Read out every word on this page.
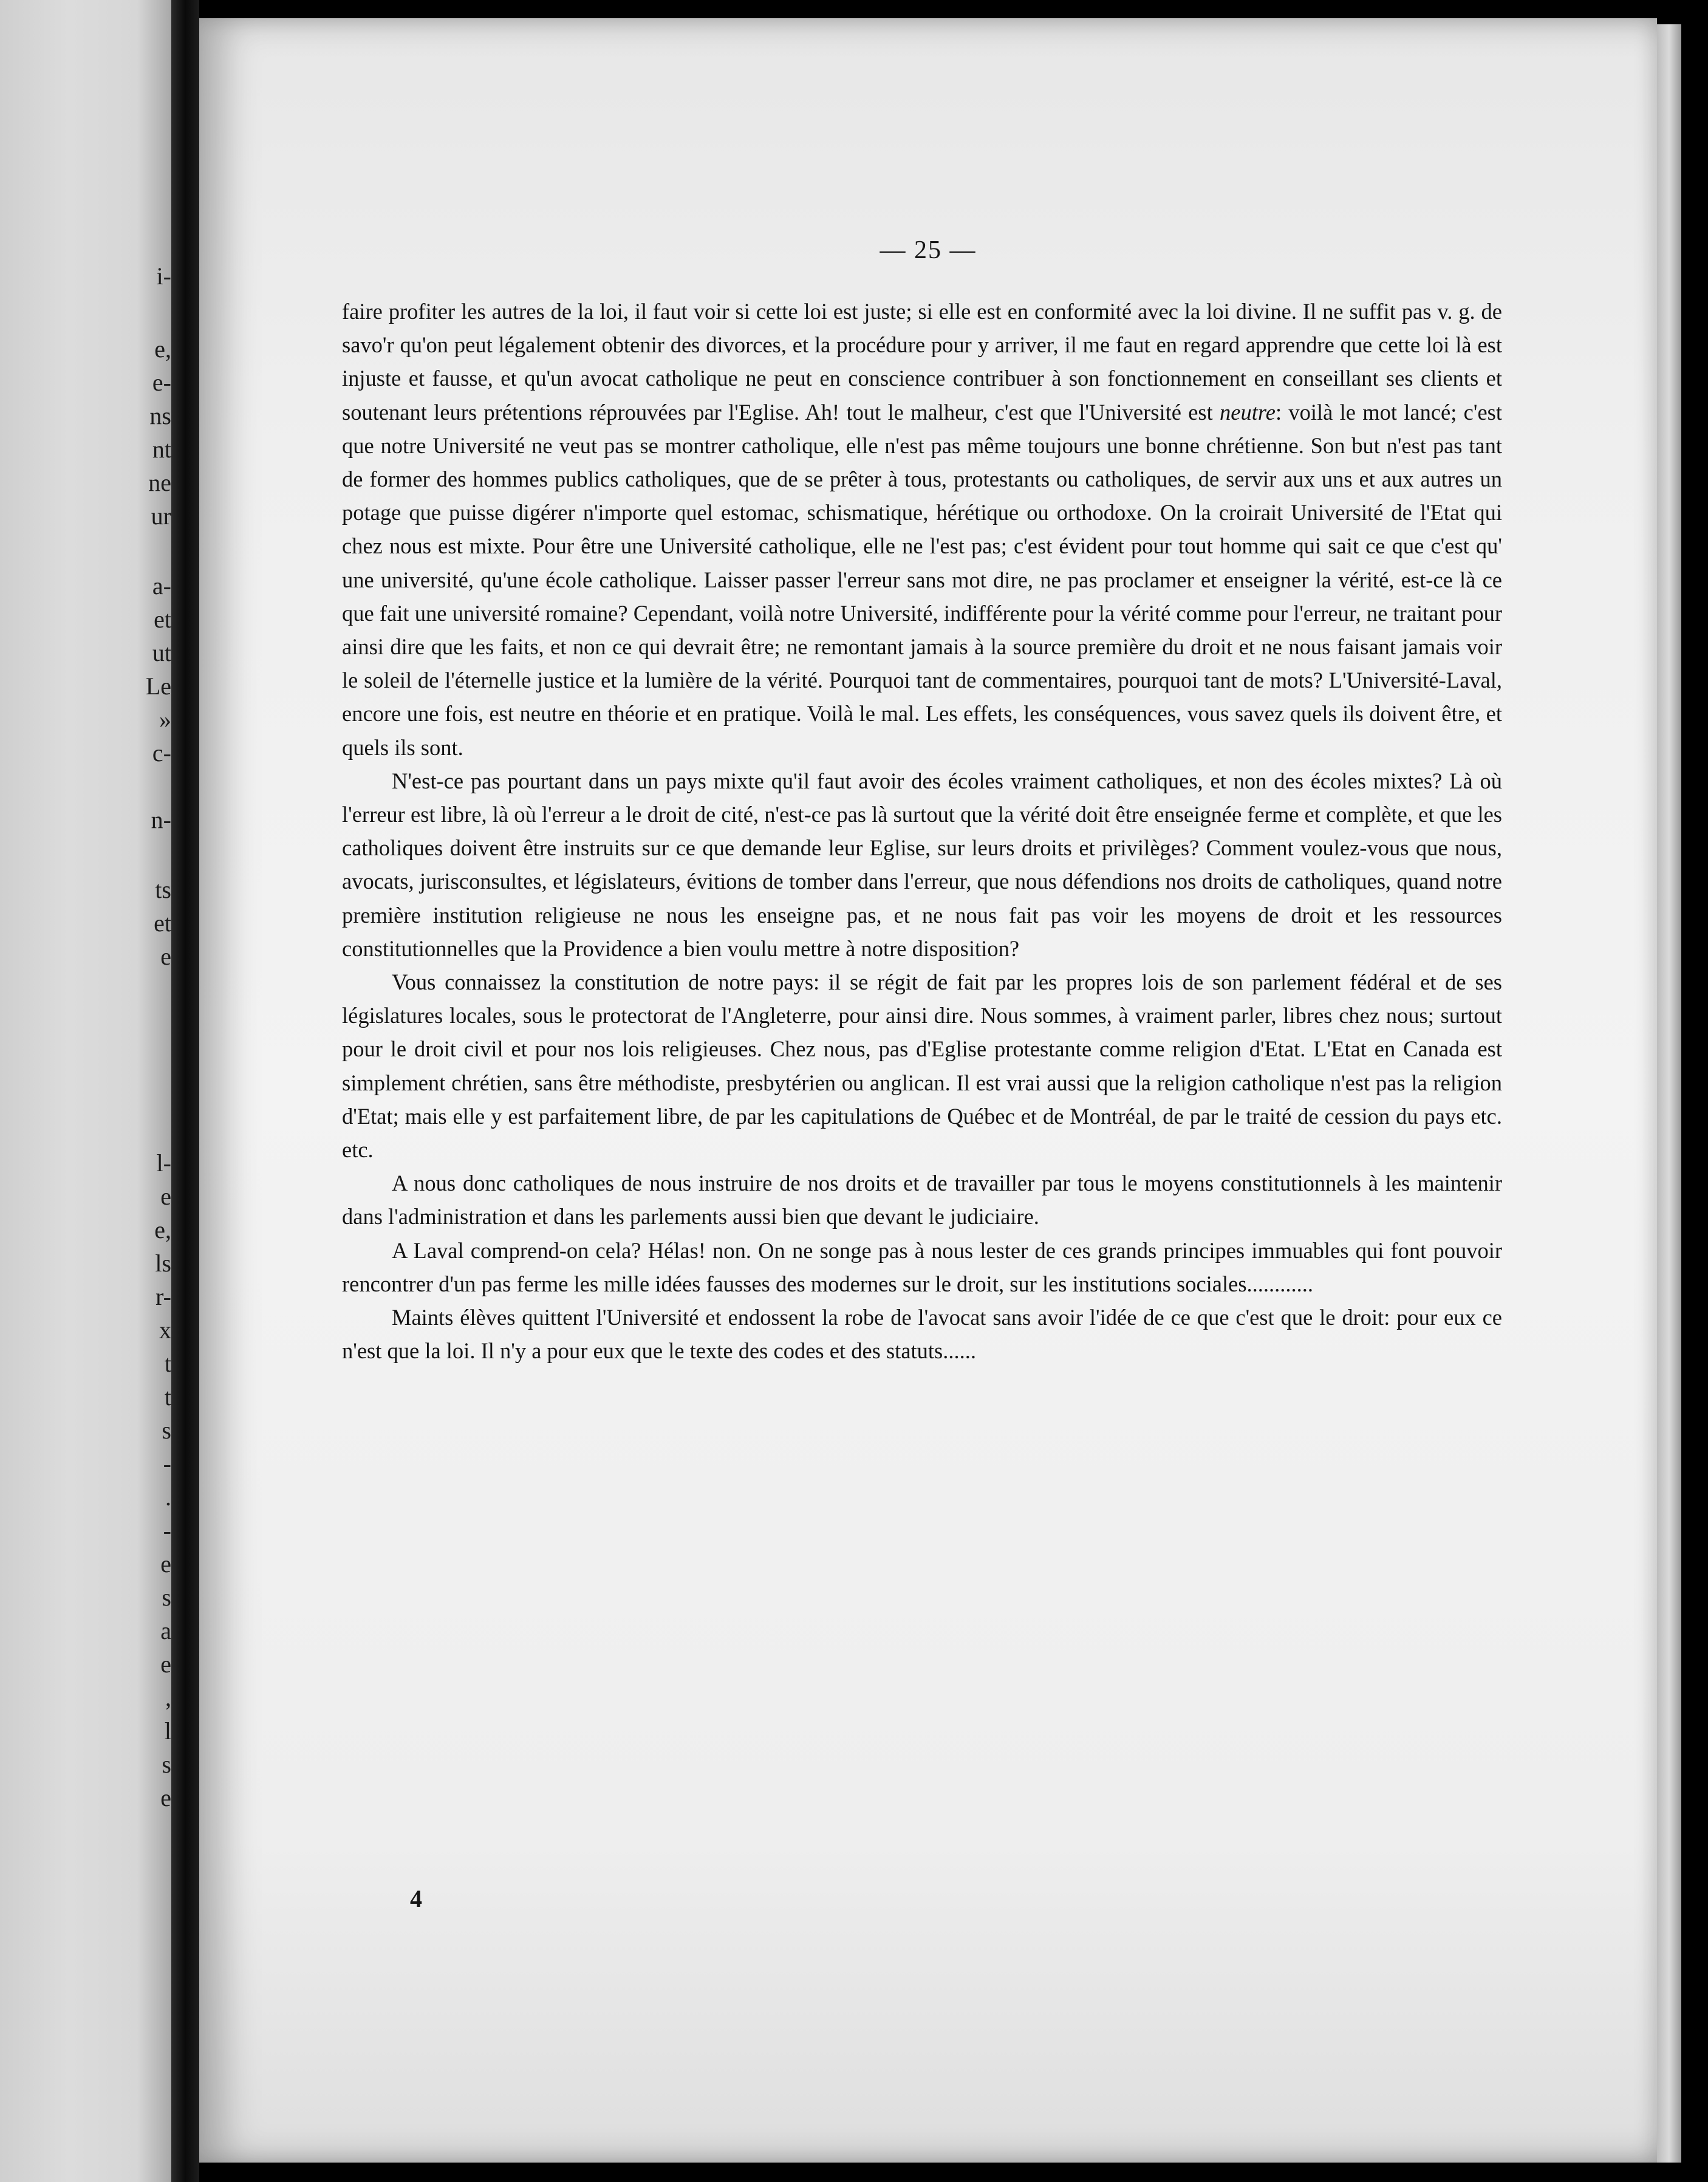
i-
e,
e-
ns
nt
ne
ur
a-
et
ut
Le
»
c-
n-
ts
et
e
l-
e
e,
ls
r-
x
t
t
s
-
.
-
e
s
a
e
,
l
s
e
— 25 —

faire profiter les autres de la loi, il faut voir si cette loi est juste; si elle est en conformité avec la loi divine. Il ne suffit pas v. g. de savo'r qu'on peut légalement obtenir des divorces, et la procédure pour y arriver, il me faut en regard apprendre que cette loi là est injuste et fausse, et qu'un avocat catholique ne peut en conscience contribuer à son fonctionnement en conseillant ses clients et soutenant leurs prétentions réprouvées par l'Eglise. Ah! tout le malheur, c'est que l'Université est neutre: voilà le mot lancé; c'est que notre Université ne veut pas se montrer catholique, elle n'est pas même toujours une bonne chrétienne. Son but n'est pas tant de former des hommes publics catholiques, que de se prêter à tous, protestants ou catholiques, de servir aux uns et aux autres un potage que puisse digérer n'importe quel estomac, schismatique, hérétique ou orthodoxe. On la croirait Université de l'Etat qui chez nous est mixte. Pour être une Université catholique, elle ne l'est pas; c'est évident pour tout homme qui sait ce que c'est qu' une université, qu'une école catholique. Laisser passer l'erreur sans mot dire, ne pas proclamer et enseigner la vérité, est-ce là ce que fait une université romaine? Cependant, voilà notre Université, indifférente pour la vérité comme pour l'erreur, ne traitant pour ainsi dire que les faits, et non ce qui devrait être; ne remontant jamais à la source première du droit et ne nous faisant jamais voir le soleil de l'éternelle justice et la lumière de la vérité. Pourquoi tant de commentaires, pourquoi tant de mots? L'Université-Laval, encore une fois, est neutre en théorie et en pratique. Voilà le mal. Les effets, les conséquences, vous savez quels ils doivent être, et quels ils sont.

N'est-ce pas pourtant dans un pays mixte qu'il faut avoir des écoles vraiment catholiques, et non des écoles mixtes? Là où l'erreur est libre, là où l'erreur a le droit de cité, n'est-ce pas là surtout que la vérité doit être enseignée ferme et complète, et que les catholiques doivent être instruits sur ce que demande leur Eglise, sur leurs droits et privilèges? Comment voulez-vous que nous, avocats, jurisconsultes, et législateurs, évitions de tomber dans l'erreur, que nous défendions nos droits de catholiques, quand notre première institution religieuse ne nous les enseigne pas, et ne nous fait pas voir les moyens de droit et les ressources constitutionnelles que la Providence a bien voulu mettre à notre disposition?

Vous connaissez la constitution de notre pays: il se régit de fait par les propres lois de son parlement fédéral et de ses législatures locales, sous le protectorat de l'Angleterre, pour ainsi dire. Nous sommes, à vraiment parler, libres chez nous; surtout pour le droit civil et pour nos lois religieuses. Chez nous, pas d'Eglise protestante comme religion d'Etat. L'Etat en Canada est simplement chrétien, sans être méthodiste, presbytérien ou anglican. Il est vrai aussi que la religion catholique n'est pas la religion d'Etat; mais elle y est parfaitement libre, de par les capitulations de Québec et de Montréal, de par le traité de cession du pays etc. etc.

A nous donc catholiques de nous instruire de nos droits et de travailler par tous le moyens constitutionnels à les maintenir dans l'administration et dans les parlements aussi bien que devant le judiciaire.

A Laval comprend-on cela? Hélas! non. On ne songe pas à nous lester de ces grands principes immuables qui font pouvoir rencontrer d'un pas ferme les mille idées fausses des modernes sur le droit, sur les institutions sociales............

Maints élèves quittent l'Université et endossent la robe de l'avocat sans avoir l'idée de ce que c'est que le droit: pour eux ce n'est que la loi. Il n'y a pour eux que le texte des codes et des statuts......

4
